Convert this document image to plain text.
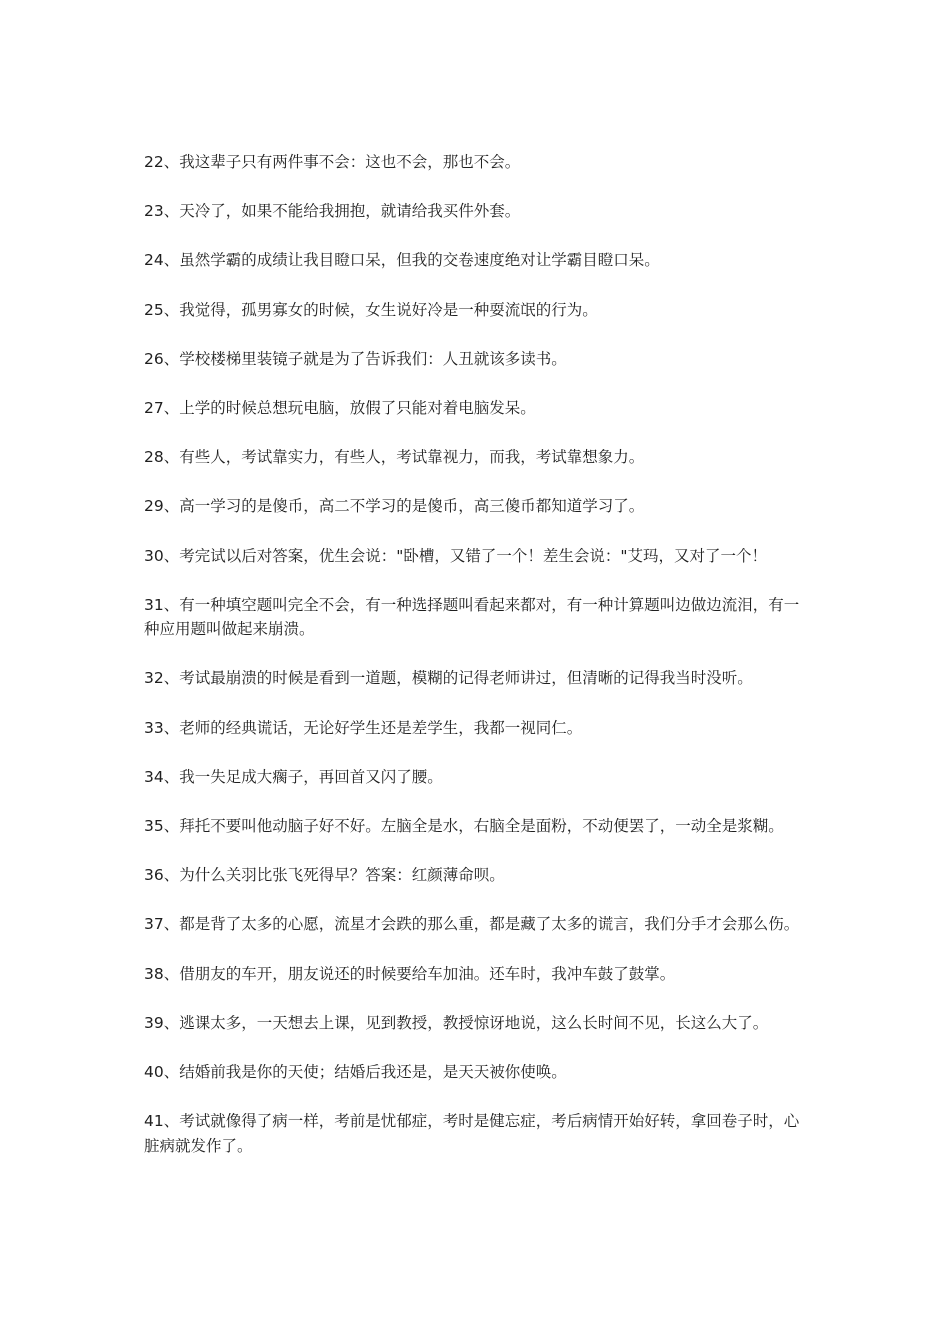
22、我这辈子只有两件事不会：这也不会，那也不会。

23、天冷了，如果不能给我拥抱，就请给我买件外套。

24、虽然学霸的成绩让我目瞪口呆，但我的交卷速度绝对让学霸目瞪口呆。

25、我觉得，孤男寡女的时候，女生说好冷是一种耍流氓的行为。

26、学校楼梯里装镜子就是为了告诉我们：人丑就该多读书。

27、上学的时候总想玩电脑，放假了只能对着电脑发呆。

28、有些人，考试靠实力，有些人，考试靠视力，而我，考试靠想象力。

29、高一学习的是傻币，高二不学习的是傻币，高三傻币都知道学习了。

30、考完试以后对答案，优生会说："卧槽，又错了一个！差生会说："艾玛，又对了一个！

31、有一种填空题叫完全不会，有一种选择题叫看起来都对，有一种计算题叫边做边流泪，有一种应用题叫做起来崩溃。

32、考试最崩溃的时候是看到一道题，模糊的记得老师讲过，但清晰的记得我当时没听。

33、老师的经典谎话，无论好学生还是差学生，我都一视同仁。

34、我一失足成大瘸子，再回首又闪了腰。

35、拜托不要叫他动脑子好不好。左脑全是水，右脑全是面粉，不动便罢了，一动全是浆糊。

36、为什么关羽比张飞死得早？答案：红颜薄命呗。

37、都是背了太多的心愿，流星才会跌的那么重，都是藏了太多的谎言，我们分手才会那么伤。

38、借朋友的车开，朋友说还的时候要给车加油。还车时，我冲车鼓了鼓掌。

39、逃课太多，一天想去上课，见到教授，教授惊讶地说，这么长时间不见，长这么大了。

40、结婚前我是你的天使；结婚后我还是，是天天被你使唤。

41、考试就像得了病一样，考前是忧郁症，考时是健忘症，考后病情开始好转，拿回卷子时，心脏病就发作了。
